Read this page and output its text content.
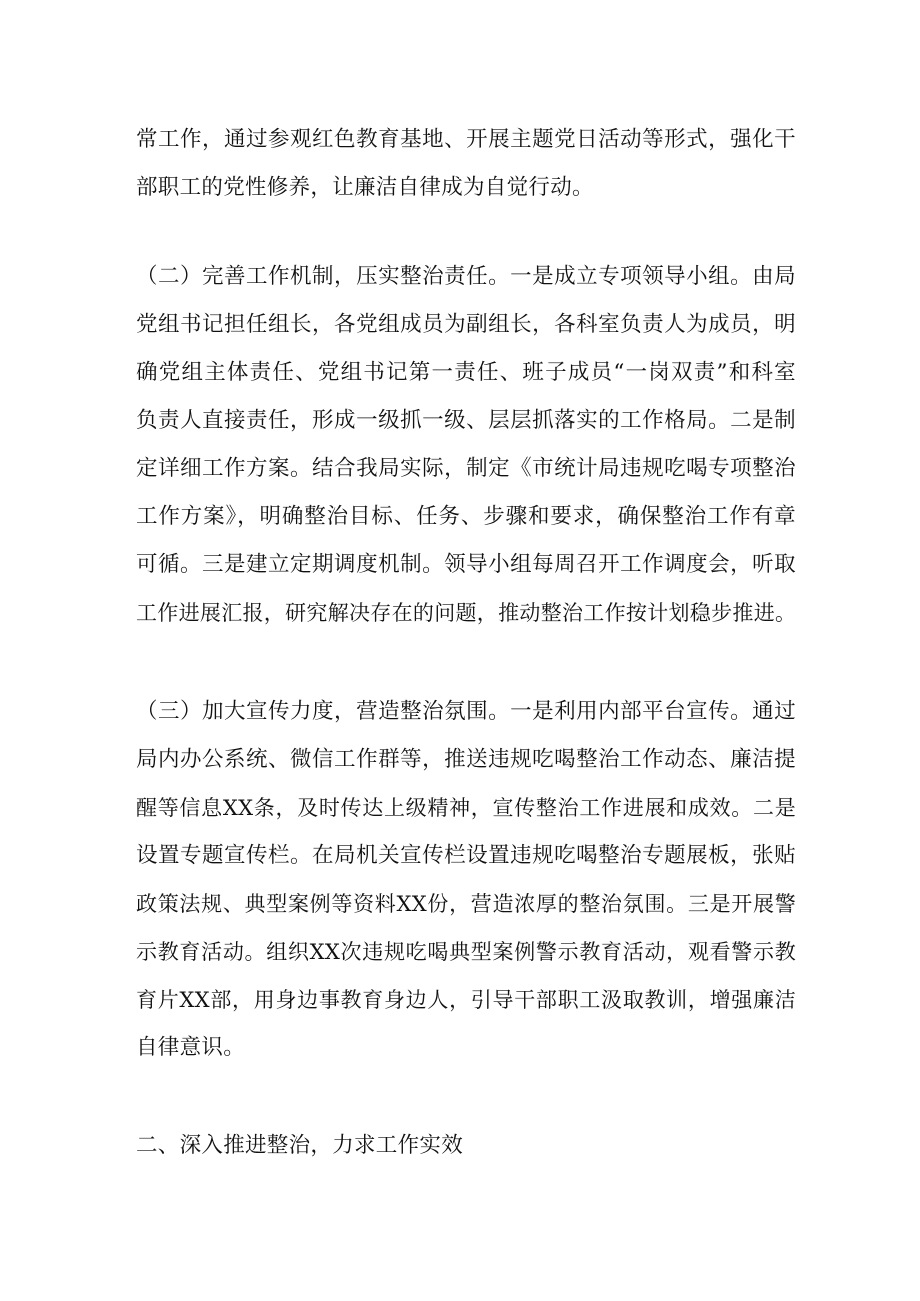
常工作，通过参观红色教育基地、开展主题党日活动等形式，强化干
部职工的党性修养，让廉洁自律成为自觉行动。
（二）完善工作机制，压实整治责任。一是成立专项领导小组。由局
党组书记担任组长，各党组成员为副组长，各科室负责人为成员，明
确党组主体责任、党组书记第一责任、班子成员“一岗双责”和科室
负责人直接责任，形成一级抓一级、层层抓落实的工作格局。二是制
定详细工作方案。结合我局实际，制定《市统计局违规吃喝专项整治
工作方案》，明确整治目标、任务、步骤和要求，确保整治工作有章
可循。三是建立定期调度机制。领导小组每周召开工作调度会，听取
工作进展汇报，研究解决存在的问题，推动整治工作按计划稳步推进。
（三）加大宣传力度，营造整治氛围。一是利用内部平台宣传。通过
局内办公系统、微信工作群等，推送违规吃喝整治工作动态、廉洁提
醒等信息XX条，及时传达上级精神，宣传整治工作进展和成效。二是
设置专题宣传栏。在局机关宣传栏设置违规吃喝整治专题展板，张贴
政策法规、典型案例等资料XX份，营造浓厚的整治氛围。三是开展警
示教育活动。组织XX次违规吃喝典型案例警示教育活动，观看警示教
育片XX部，用身边事教育身边人，引导干部职工汲取教训，增强廉洁
自律意识。
二、深入推进整治，力求工作实效
